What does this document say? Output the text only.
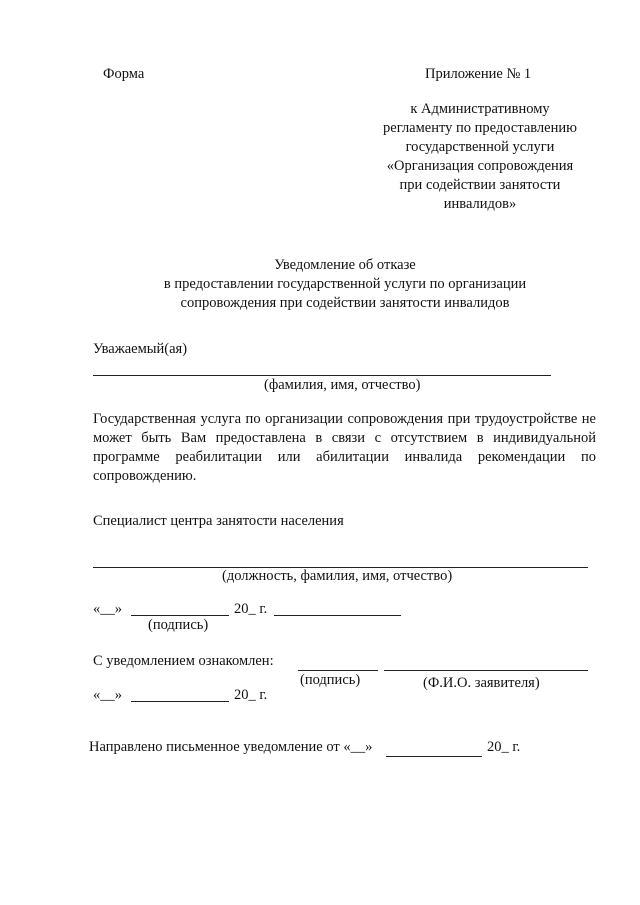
Форма	Приложение № 1
к Административному
регламенту по предоставлению
государственной услуги
«Организация сопровождения
при содействии занятости
инвалидов»
Уведомление об отказе
в предоставлении государственной услуги по организации
сопровождения при содействии занятости инвалидов
Уважаемый(ая)
(фамилия, имя, отчество)
Государственная услуга по организации сопровождения при трудоустройстве не может быть Вам предоставлена в связи с отсутствием в индивидуальной программе реабилитации или абилитации инвалида рекомендации по сопровождению.
Специалист центра занятости населения
(должность, фамилия, имя, отчество)
«__»	20_ г.
(подпись)
С уведомлением ознакомлен:
(подпись)	(Ф.И.О. заявителя)
«__»	20_ г.
Направлено письменное уведомление от «__»	20_ г.
